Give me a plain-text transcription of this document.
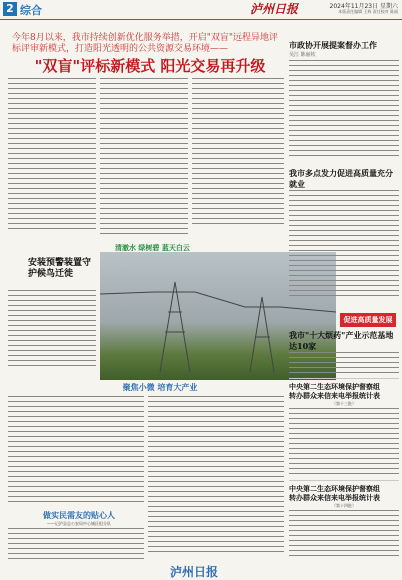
2 综合	泸州日报	2024年11月23日 星期六
本版责任编辑 王辉 责任校对 陈丽
今年8月以来，我市持续创新优化服务举措，开启"双盲"远程异地评标评审新模式，打造阳光透明的公共资源交易环境——
"双盲"评标新模式 阳光交易再升级
清澈水 绿树碧 蓝天白云
安装预警装置守护候鸟迁徙
聚焦小微 培育大产业
做实民需友的贴心人
——记泸县总公安局中心城区组分队
市政协开展提案督办工作
吴江 陈丽钦
我市多点发力促进高质量充分就业
促进高质量发展
我市"十大烦药"产业示范基地达10家
中央第二生态环境保护督察组
转办群众来信来电举报统计表
（第十三批）
中央第二生态环境保护督察组
转办群众来信来电举报统计表
（第十四批）
泸州日报
